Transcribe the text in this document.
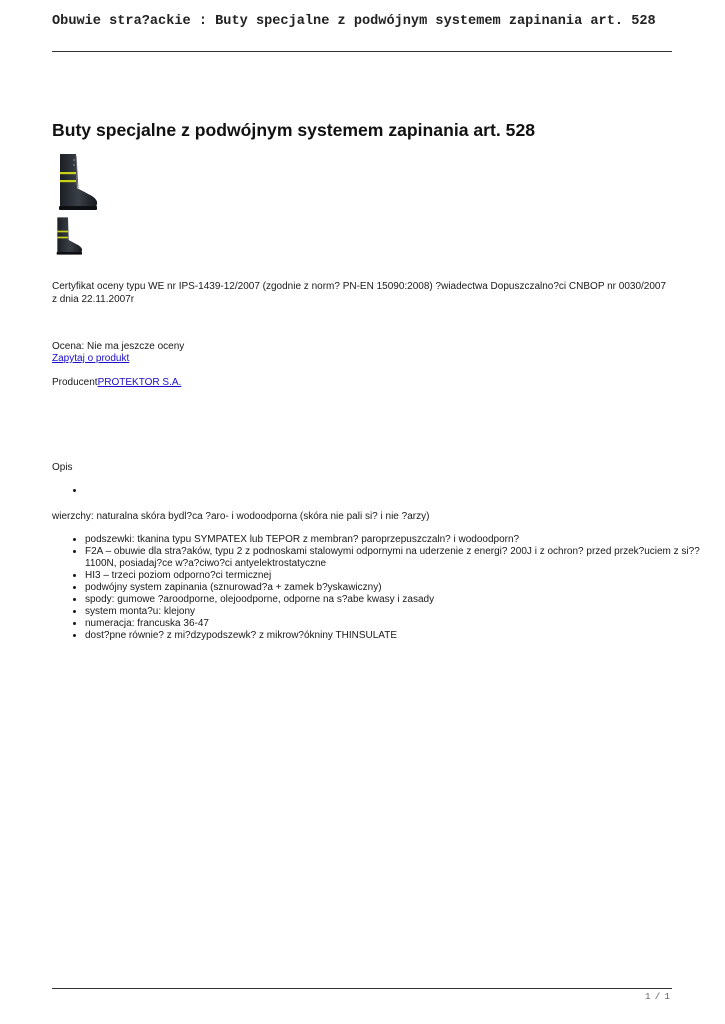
Obuwie stra?ackie : Buty specjalne z podwójnym systemem zapinania art. 528
Buty specjalne z podwójnym systemem zapinania art. 528
Certyfikat oceny typu WE nr IPS-1439-12/2007 (zgodnie z norm? PN-EN 15090:2008) ?wiadectwa Dopuszczalno?ci CNBOP nr 0030/2007 z dnia 22.11.2007r
Ocena: Nie ma jeszcze oceny
Zapytaj o produkt
ProducentPROTEKTOR S.A.
Opis
•
wierzchy: naturalna skóra bydl?ca ?aro- i wodoodporna (skóra nie pali si? i nie ?arzy)
• podszewki: tkanina typu SYMPATEX lub TEPOR z membran? paroprzepuszczaln? i wodoodporn?
• F2A – obuwie dla stra?aków, typu 2 z podnoskami stalowymi odpornymi na uderzenie z energi? 200J i z ochron? przed przek?uciem z si?? 1100N, posiadaj?ce w?a?ciwo?ci antyelektrostatyczne
• HI3 – trzeci poziom odporno?ci termicznej
• podwójny system zapinania (sznurowad?a + zamek b?yskawiczny)
• spody: gumowe ?aroodporne, olejoodporne, odporne na s?abe kwasy i zasady
• system monta?u: klejony
• numeracja: francuska 36-47
• dost?pne równie? z mi?dzypodszewk? z mikrow?ókniny THINSULATE
1 / 1
